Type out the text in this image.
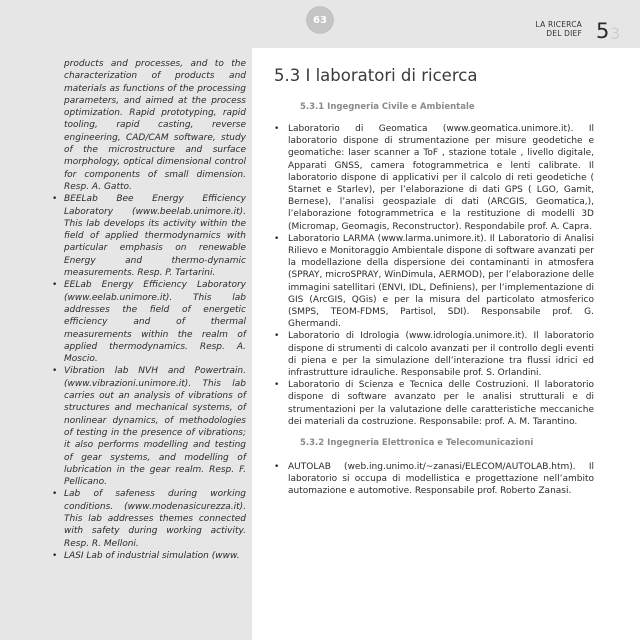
63	LA RICERCA
DEL DIEF 5 3
products and processes, and to the characterization of products and materials as functions of the processing parameters, and aimed at the process optimization. Rapid prototyping, rapid tooling, rapid casting, reverse engineering, CAD/CAM software, study of the microstructure and surface morphology, optical dimensional control for components of small dimension. Resp. A. Gatto.
• BEELab Bee Energy Efficiency Laboratory (www.beelab.unimore.it). This lab develops its activity within the field of applied thermodynamics with particular emphasis on renewable Energy and thermo-dynamic measurements. Resp. P. Tartarini.
• EELab Energy Efficiency Laboratory (www.eelab.unimore.it). This lab addresses the field of energetic efficiency and of thermal measurements within the realm of applied thermodynamics. Resp. A. Moscio.
• Vibration lab NVH and Powertrain. (www.vibrazioni.unimore.it). This lab carries out an analysis of vibrations of structures and mechanical systems, of nonlinear dynamics, of methodologies of testing in the presence of vibrations; it also performs modelling and testing of gear systems, and modelling of lubrication in the gear realm. Resp. F. Pellicano.
• Lab of safeness during working conditions. (www.modenasicurezza.it). This lab addresses themes connected with safety during working activity. Resp. R. Melloni.
• LASI Lab of industrial simulation (www.
5.3 I laboratori di ricerca
5.3.1 Ingegneria Civile e Ambientale
• Laboratorio di Geomatica (www.geomatica.unimore.it). Il laboratorio dispone di strumentazione per misure geodetiche e geomatiche: laser scanner a ToF , stazione totale , livello digitale, Apparati GNSS, camera fotogrammetrica e lenti calibrate. Il laboratorio dispone di applicativi per il calcolo di reti geodetiche ( Starnet e Starlev), per l’elaborazione di dati GPS ( LGO, Gamit, Bernese), l’analisi geospaziale di dati (ARCGIS, Geomatica,), l’elaborazione fotogrammetrica e la restituzione di modelli 3D (Micromap, Geomagis, Reconstructor). Respondabile prof. A. Capra.
• Laboratorio LARMA (www.larma.unimore.it). Il Laboratorio di Analisi Rilievo e Monitoraggio Ambientale dispone di software avanzati per la modellazione della dispersione dei contaminanti in atmosfera (SPRAY, microSPRAY, WinDimula, AERMOD), per l’elaborazione delle immagini satellitari (ENVI, IDL, Definiens), per l’implementazione di GIS (ArcGIS, QGis) e per la misura del particolato atmosferico (SMPS, TEOM-FDMS, Partisol, SDI). Responsabile prof. G. Ghermandi.
• Laboratorio di Idrologia (www.idrologia.unimore.it). Il laboratorio dispone di strumenti di calcolo avanzati per il controllo degli eventi di piena e per la simulazione dell’interazione tra flussi idrici ed infrastrutture idrauliche. Responsabile prof. S. Orlandini.
• Laboratorio di Scienza e Tecnica delle Costruzioni. Il laboratorio dispone di software avanzato per le analisi strutturali e di strumentazioni per la valutazione delle caratteristiche meccaniche dei materiali da costruzione. Responsabile: prof. A. M. Tarantino.
5.3.2 Ingegneria Elettronica e Telecomunicazioni
• AUTOLAB (web.ing.unimo.it/~zanasi/ELECOM/AUTOLAB.htm). Il laboratorio si occupa di modellistica e progettazione nell’ambito automazione e automotive. Responsabile prof. Roberto Zanasi.
